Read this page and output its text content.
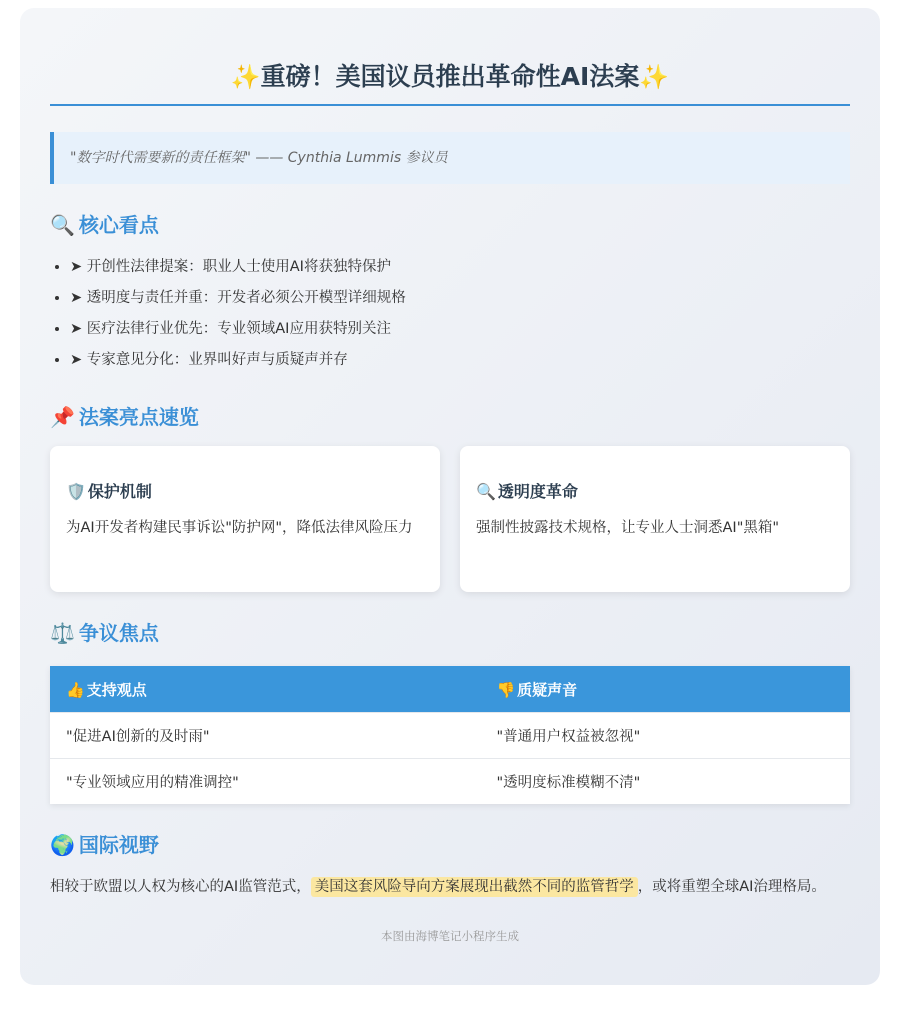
✨重磅！美国议员推出革命性AI法案✨
"数字时代需要新的责任框架" —— Cynthia Lummis 参议员
🔍 核心看点
• ➤ 开创性法律提案：职业人士使用AI将获独特保护
• ➤ 透明度与责任并重：开发者必须公开模型详细规格
• ➤ 医疗法律行业优先：专业领域AI应用获特别关注
• ➤ 专家意见分化：业界叫好声与质疑声并存
📌 法案亮点速览
🛡️ 保护机制
为AI开发者构建民事诉讼"防护网"，降低法律风险压力
🔍 透明度革命
强制性披露技术规格，让专业人士洞悉AI"黑箱"
⚖️ 争议焦点
👍 支持观点	👎 质疑声音
"促进AI创新的及时雨"	"普通用户权益被忽视"
"专业领域应用的精准调控"	"透明度标准模糊不清"
🌍 国际视野

相较于欧盟以人权为核心的AI监管范式， 美国这套风险导向方案展现出截然不同的监管哲学 ，或将重塑全球AI治理格局。

本图由海博笔记小程序生成
